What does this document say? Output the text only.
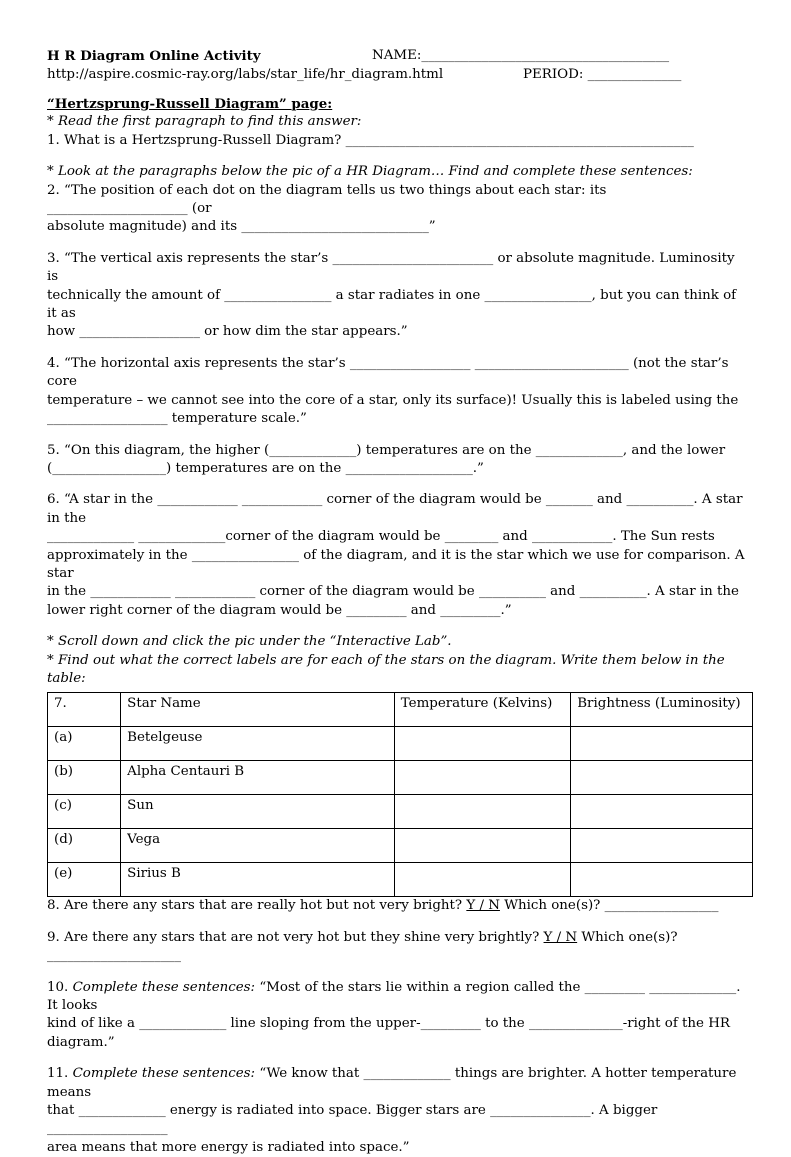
H R Diagram Online Activity	NAME:_____________________________________
http://aspire.cosmic-ray.org/labs/star_life/hr_diagram.html	PERIOD: ______________

“Hertzsprung-Russell Diagram” page:

* Read the first paragraph to find this answer:

1. What is a Hertzsprung-Russell Diagram? ____________________________________________________

* Look at the paragraphs below the pic of a HR Diagram… Find and complete these sentences:

2. “The position of each dot on the diagram tells us two things about each star: its _____________________ (or

absolute magnitude) and its ____________________________”

3. “The vertical axis represents the star’s ________________________ or absolute magnitude. Luminosity is

technically the amount of ________________ a star radiates in one ________________, but you can think of it as

how __________________ or how dim the star appears.”

4. “The horizontal axis represents the star’s __________________ _______________________ (not the star’s core

temperature – we cannot see into the core of a star, only its surface)! Usually this is labeled using the

__________________ temperature scale.”

5. “On this diagram, the higher (_____________) temperatures are on the _____________, and the lower

(_________________) temperatures are on the ___________________.”

6. “A star in the ____________ ____________ corner of the diagram would be _______ and __________. A star in the

_____________ _____________corner of the diagram would be ________ and ____________. The Sun rests

approximately in the ________________ of the diagram, and it is the star which we use for comparison. A star

in the ____________ ____________ corner of the diagram would be __________ and __________. A star in the

lower right corner of the diagram would be _________ and _________.”

* Scroll down and click the pic under the “Interactive Lab”.

* Find out what the correct labels are for each of the stars on the diagram. Write them below in the table:

7.	Star Name	Temperature (Kelvins)	Brightness (Luminosity)
(a)	Betelgeuse		
(b)	Alpha Centauri B		
(c)	Sun		
(d)	Vega		
(e)	Sirius B		

8. Are there any stars that are really hot but not very bright? Y / N Which one(s)? _________________

9. Are there any stars that are not very hot but they shine very brightly? Y / N Which one(s)?

____________________

10. Complete these sentences: “Most of the stars lie within a region called the _________ _____________. It looks

kind of like a _____________ line sloping from the upper-_________ to the ______________-right of the HR

diagram.”

11. Complete these sentences: “We know that _____________ things are brighter. A hotter temperature means

that _____________ energy is radiated into space. Bigger stars are _______________. A bigger __________________

area means that more energy is radiated into space.”
